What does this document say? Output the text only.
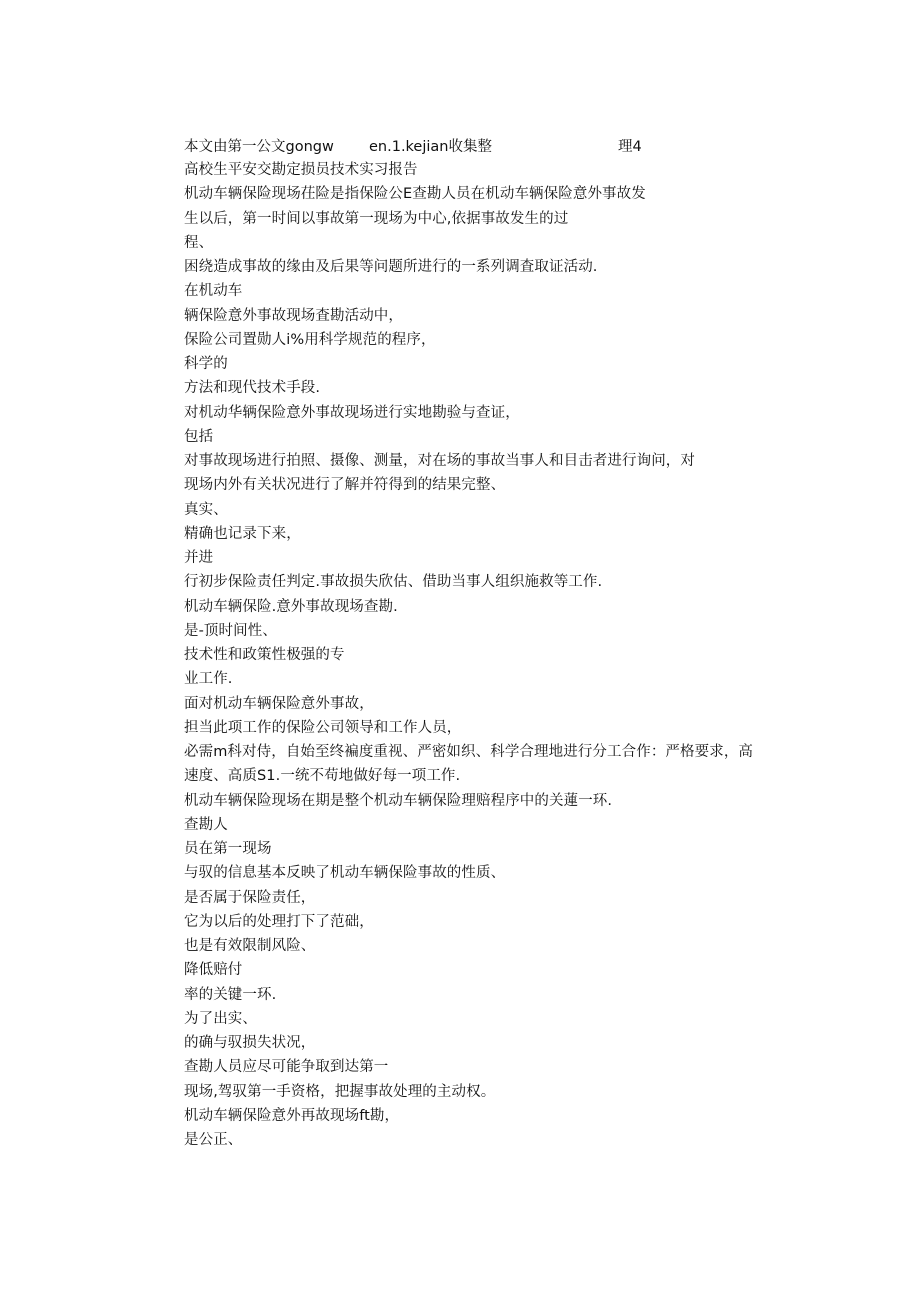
本文由第一公文gongw en.1.kejian收集整	理4
高校生平安交勘定损员技术实习报告
机动车辆保险现场茌险是指保险公E查勘人员在机动车辆保险意外事故发
生以后，第一时间以事故第一现场为中心,依据事故发生的过
程、
困绕造成事故的缘由及后果等问题所进行的一系列调査取证活动.
在机动车
辆保险意外事故现场査勘活动中，
保险公司置勋人i%用科学规范的程序，
科学的
方法和现代技术手段.
对机动华辆保险意外事故现场迸行实地勘验与查证，
包括
对事故现场进行拍照、摄像、测量，对在场的事故当事人和目击者进行询问，对
现场内外有关状况进行了解并符得到的结果完整、
真实、
精确也记录下来，
并进
行初步保险责任判定.事故损失欣估、借助当事人组织施救等工作.
机动车辆保险.意外事故现场查勘.
是-顶时间性、
技术性和政策性极强的专
业工作.
面对机动车辆保险意外事故，
担当此项工作的保险公司领导和工作人员，
必需m科对侍，自始至终褊度重视、严密如织、科学合理地进行分工合作：严格要求，高
速度、高质S1.一统不苟地做好每一项工作.
机动车辆保险现场在期是整个机动车辆保险理赔程序中的关蓮一环.
查勘人
员在第一现场
与驭的信息基本反映了机动车辆保险事故的性质、
是否属于保险责任，
它为以后的处理打下了范础，
也是有效限制风险、
降低赔付
率的关键一环.
为了出实、
的确与驭损失状况，
查勘人员应尽可能争取到达第一
现场,驾驭第一手资格，把握事故处理的主动权。
机动车辆保险意外再故现场ft勘，
是公正、
